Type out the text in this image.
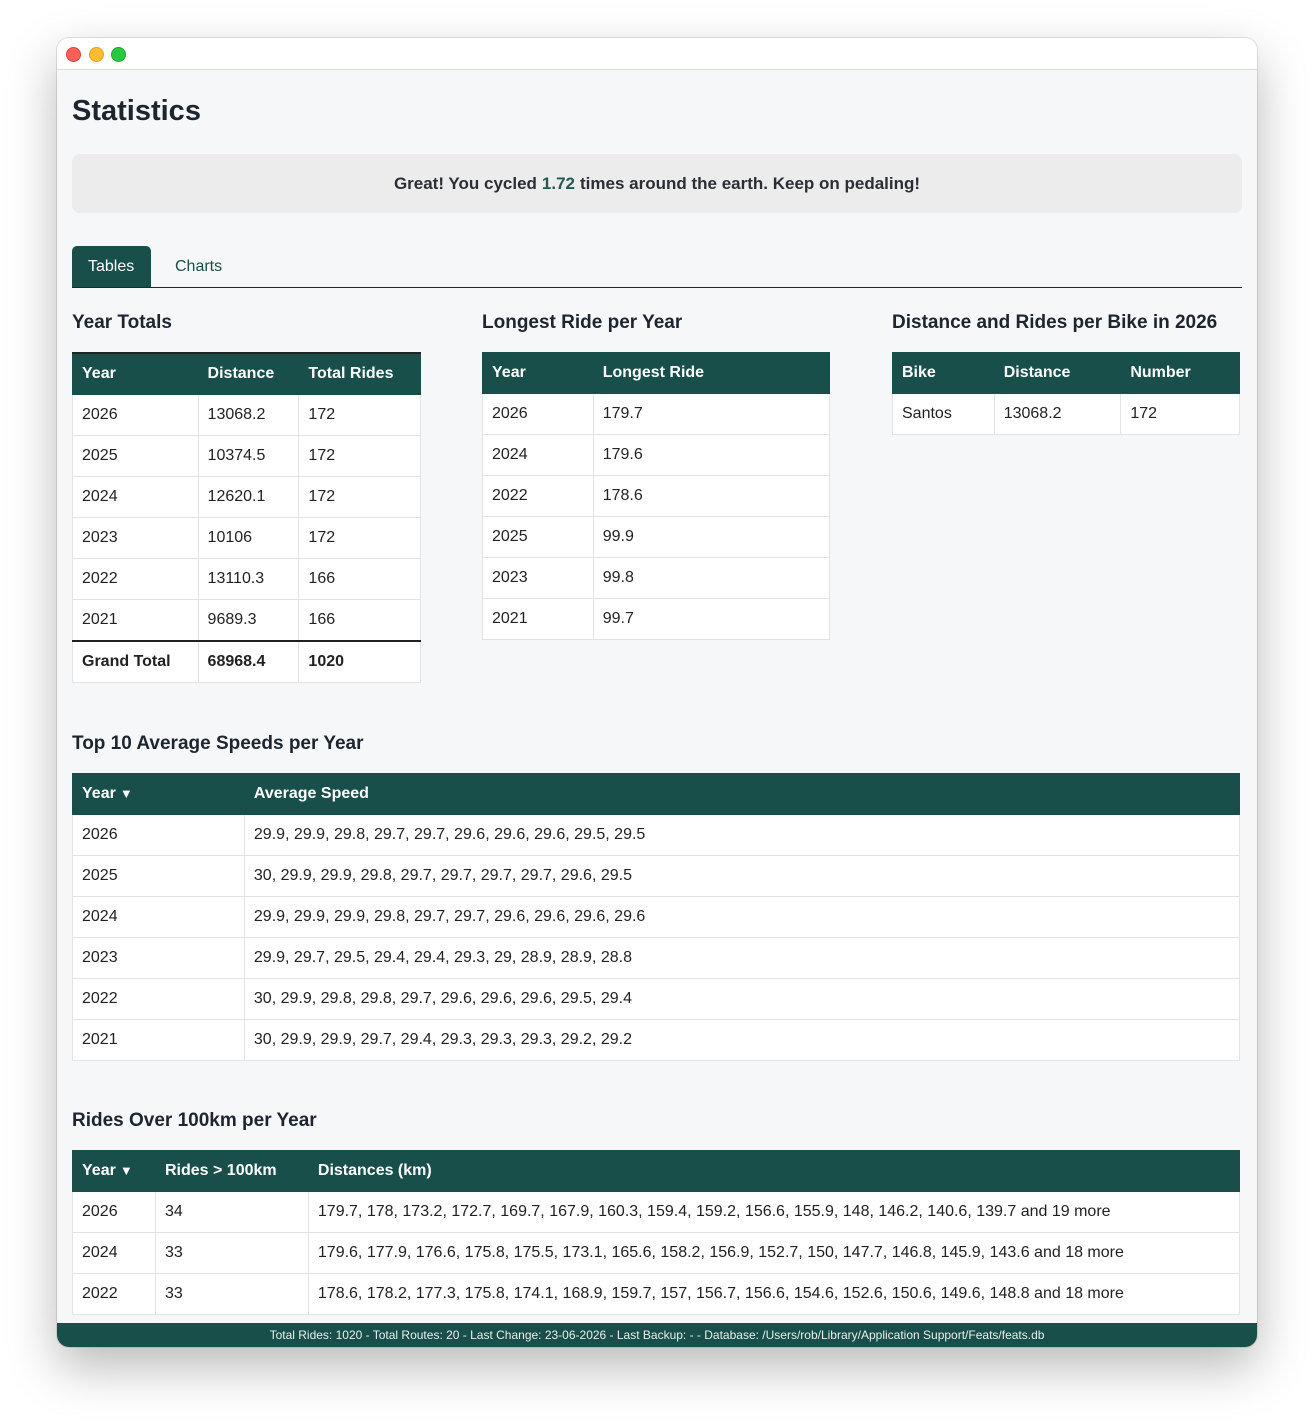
Statistics
Great! You cycled 1.72 times around the earth. Keep on pedaling!
Tables	Charts
Year Totals
Year	Distance	Total Rides
2026	13068.2	172
2025	10374.5	172
2024	12620.1	172
2023	10106	172
2022	13110.3	166
2021	9689.3	166
Grand Total	68968.4	1020
Longest Ride per Year
Year	Longest Ride
2026	179.7
2024	179.6
2022	178.6
2025	99.9
2023	99.8
2021	99.7
Distance and Rides per Bike in 2026
Bike	Distance	Number
Santos	13068.2	172
Top 10 Average Speeds per Year
Year ▼	Average Speed
2026	29.9, 29.9, 29.8, 29.7, 29.7, 29.6, 29.6, 29.6, 29.5, 29.5
2025	30, 29.9, 29.9, 29.8, 29.7, 29.7, 29.7, 29.7, 29.6, 29.5
2024	29.9, 29.9, 29.9, 29.8, 29.7, 29.7, 29.6, 29.6, 29.6, 29.6
2023	29.9, 29.7, 29.5, 29.4, 29.4, 29.3, 29, 28.9, 28.9, 28.8
2022	30, 29.9, 29.8, 29.8, 29.7, 29.6, 29.6, 29.6, 29.5, 29.4
2021	30, 29.9, 29.9, 29.7, 29.4, 29.3, 29.3, 29.3, 29.2, 29.2
Rides Over 100km per Year
Year ▼	Rides > 100km	Distances (km)
2026	34	179.7, 178, 173.2, 172.7, 169.7, 167.9, 160.3, 159.4, 159.2, 156.6, 155.9, 148, 146.2, 140.6, 139.7 and 19 more
2024	33	179.6, 177.9, 176.6, 175.8, 175.5, 173.1, 165.6, 158.2, 156.9, 152.7, 150, 147.7, 146.8, 145.9, 143.6 and 18 more
2022	33	178.6, 178.2, 177.3, 175.8, 174.1, 168.9, 159.7, 157, 156.7, 156.6, 154.6, 152.6, 150.6, 149.6, 148.8 and 18 more
Total Rides: 1020 - Total Routes: 20 - Last Change: 23-06-2026 - Last Backup: - - Database: /Users/rob/Library/Application Support/Feats/feats.db
